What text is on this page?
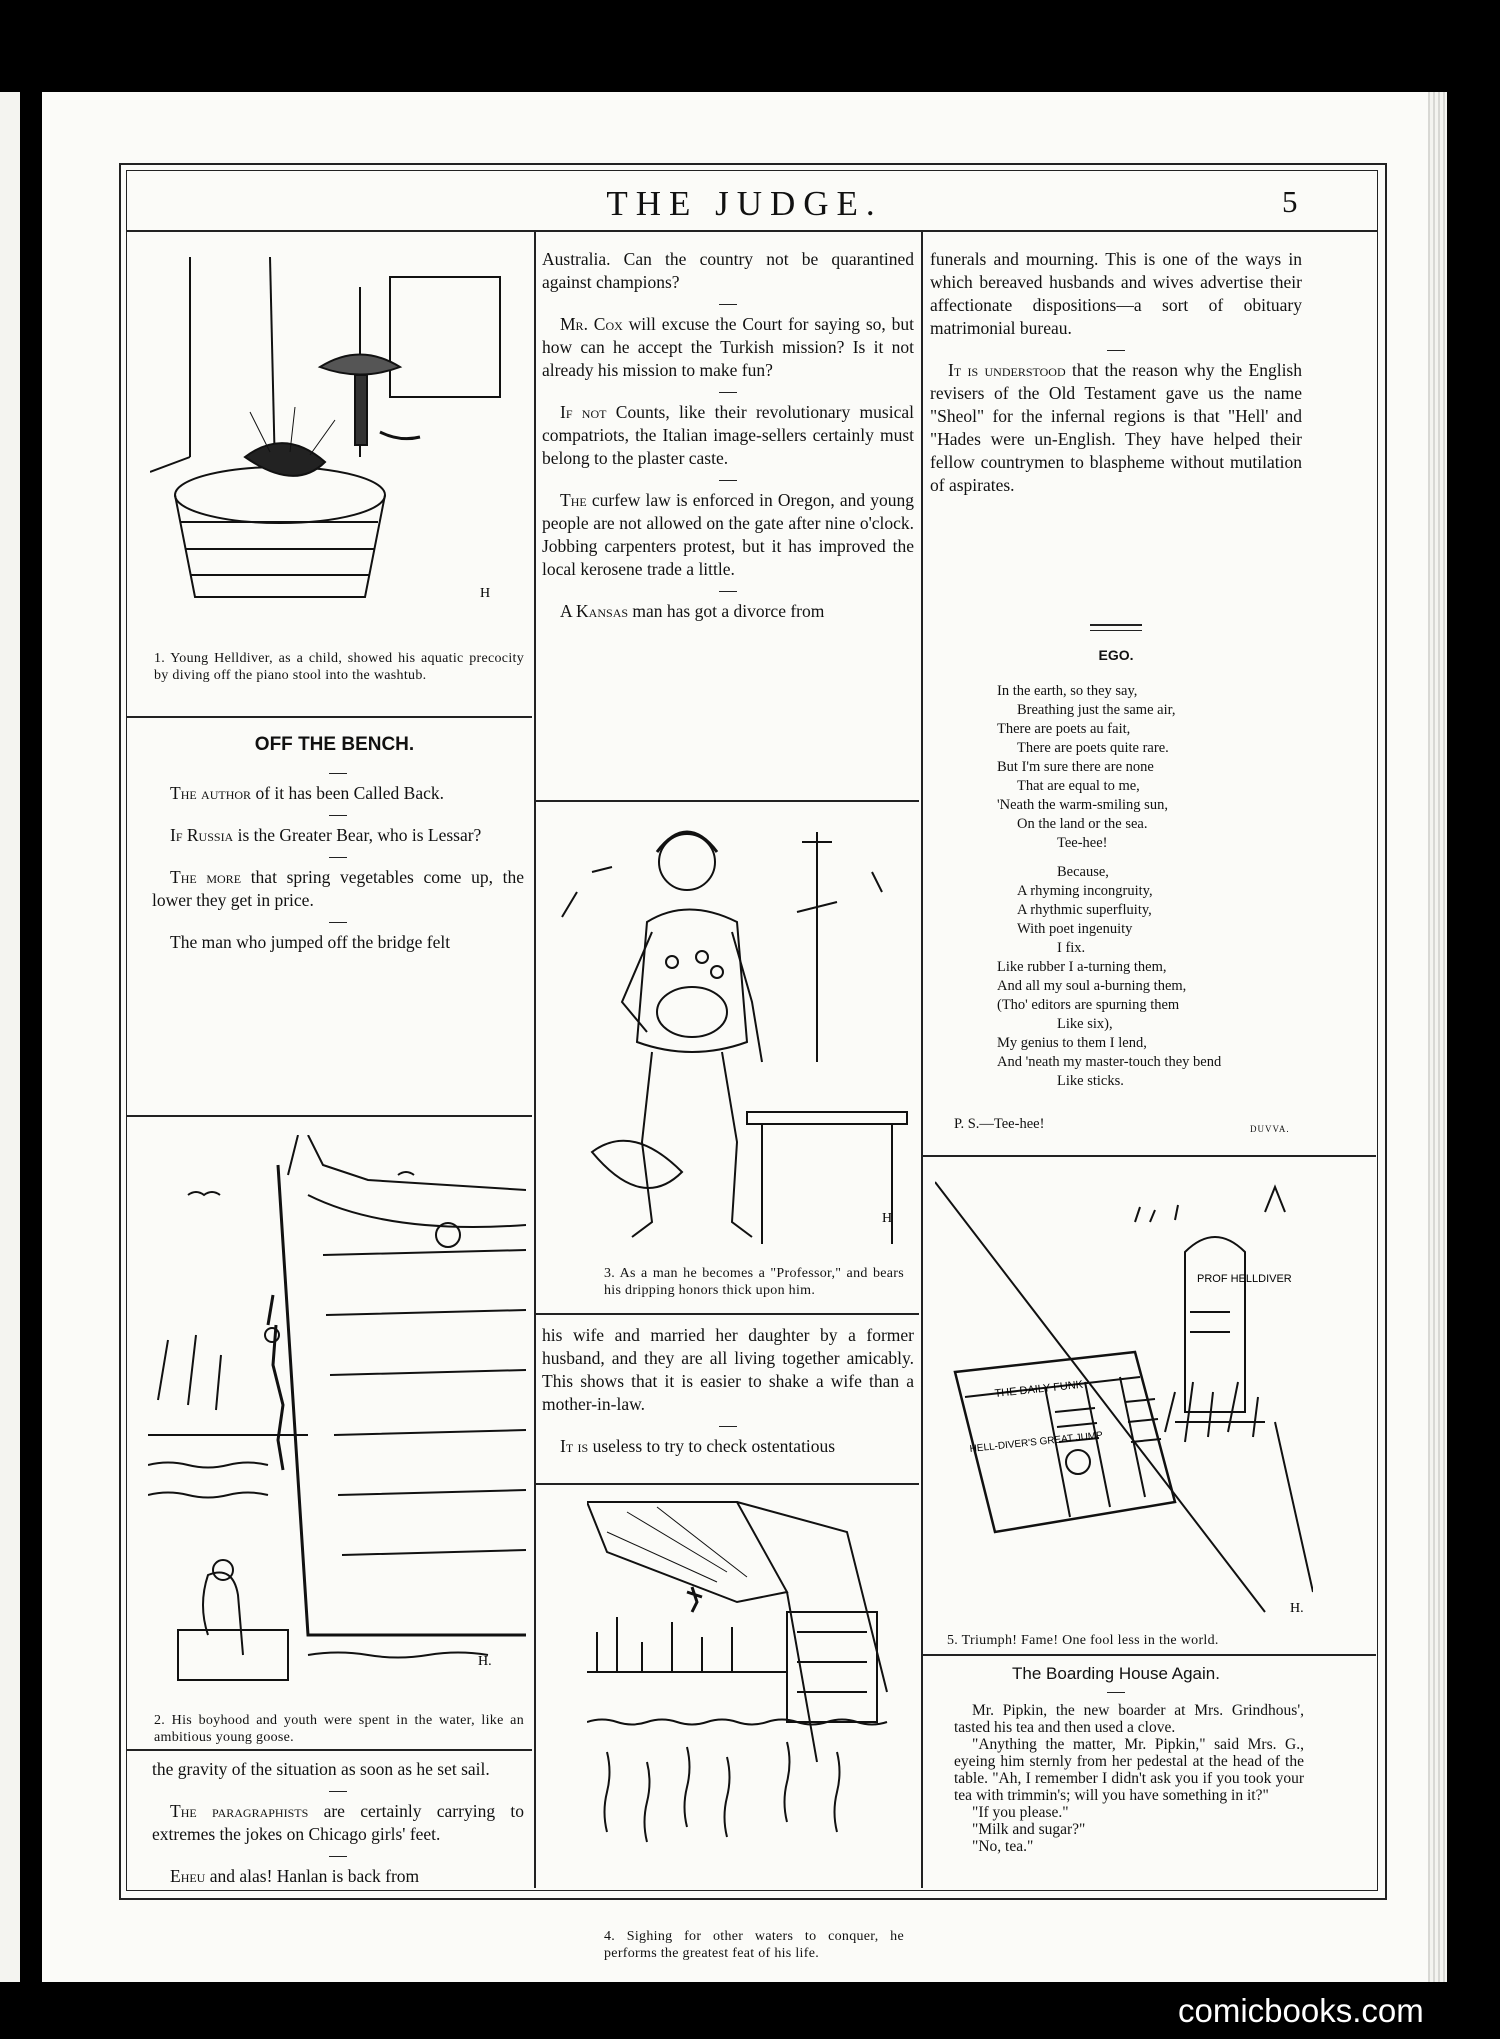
THE JUDGE.	5
H
1. Young Helldiver, as a child, showed his aquatic precocity by diving off the piano stool into the washtub.
OFF THE BENCH.

The author of it has been Called Back.

If Russia is the Greater Bear, who is Lessar?

The more that spring vegetables come up, the lower they get in price.

The man who jumped off the bridge felt

H.
2. His boyhood and youth were spent in the water, like an ambitious young goose.

the gravity of the situation as soon as he set sail.

The paragraphists are certainly carrying to extremes the jokes on Chicago girls' feet.

Eheu and alas! Hanlan is back from

Australia. Can the country not be quarantined against champions?

Mr. Cox will excuse the Court for saying so, but how can he accept the Turkish mission? Is it not already his mission to make fun?

If not Counts, like their revolutionary musical compatriots, the Italian image-sellers certainly must belong to the plaster caste.

The curfew law is enforced in Oregon, and young people are not allowed on the gate after nine o'clock. Jobbing carpenters protest, but it has improved the local kerosene trade a little.

A Kansas man has got a divorce from

H
3. As a man he becomes a "Professor," and bears his dripping honors thick upon him.

his wife and married her daughter by a former husband, and they are all living together amicably. This shows that it is easier to shake a wife than a mother-in-law.

It is useless to try to check ostentatious

4. Sighing for other waters to conquer, he performs the greatest feat of his life.

funerals and mourning. This is one of the ways in which bereaved husbands and wives advertise their affectionate dispositions—a sort of obituary matrimonial bureau.

It is understood that the reason why the English revisers of the Old Testament gave us the name "Sheol" for the infernal regions is that "Hell' and "Hades were un-English. They have helped their fellow countrymen to blaspheme without mutilation of aspirates.

EGO.
In the earth, so they say,
Breathing just the same air,
There are poets au fait,
There are poets quite rare.
But I'm sure there are none
That are equal to me,
'Neath the warm-smiling sun,
On the land or the sea.
Tee-hee!
Because,
A rhyming incongruity,
A rhythmic superfluity,
With poet ingenuity
I fix.
Like rubber I a-turning them,
And all my soul a-burning them,
(Tho' editors are spurning them
Like six),
My genius to them I lend,
And 'neath my master-touch they bend
Like sticks.
P. S.—Tee-hee!	DUVVA.
PROF HELLDIVER
THE DAILY FUNK
HELL-DIVER'S GREAT JUMP
H.
5. Triumph! Fame! One fool less in the world.
The Boarding House Again.

Mr. Pipkin, the new boarder at Mrs. Grindhous', tasted his tea and then used a clove.

"Anything the matter, Mr. Pipkin," said Mrs. G., eyeing him sternly from her pedestal at the head of the table. "Ah, I remember I didn't ask you if you took your tea with trimmin's; will you have something in it?"

"If you please."

"Milk and sugar?"

"No, tea."

comicbooks.com
